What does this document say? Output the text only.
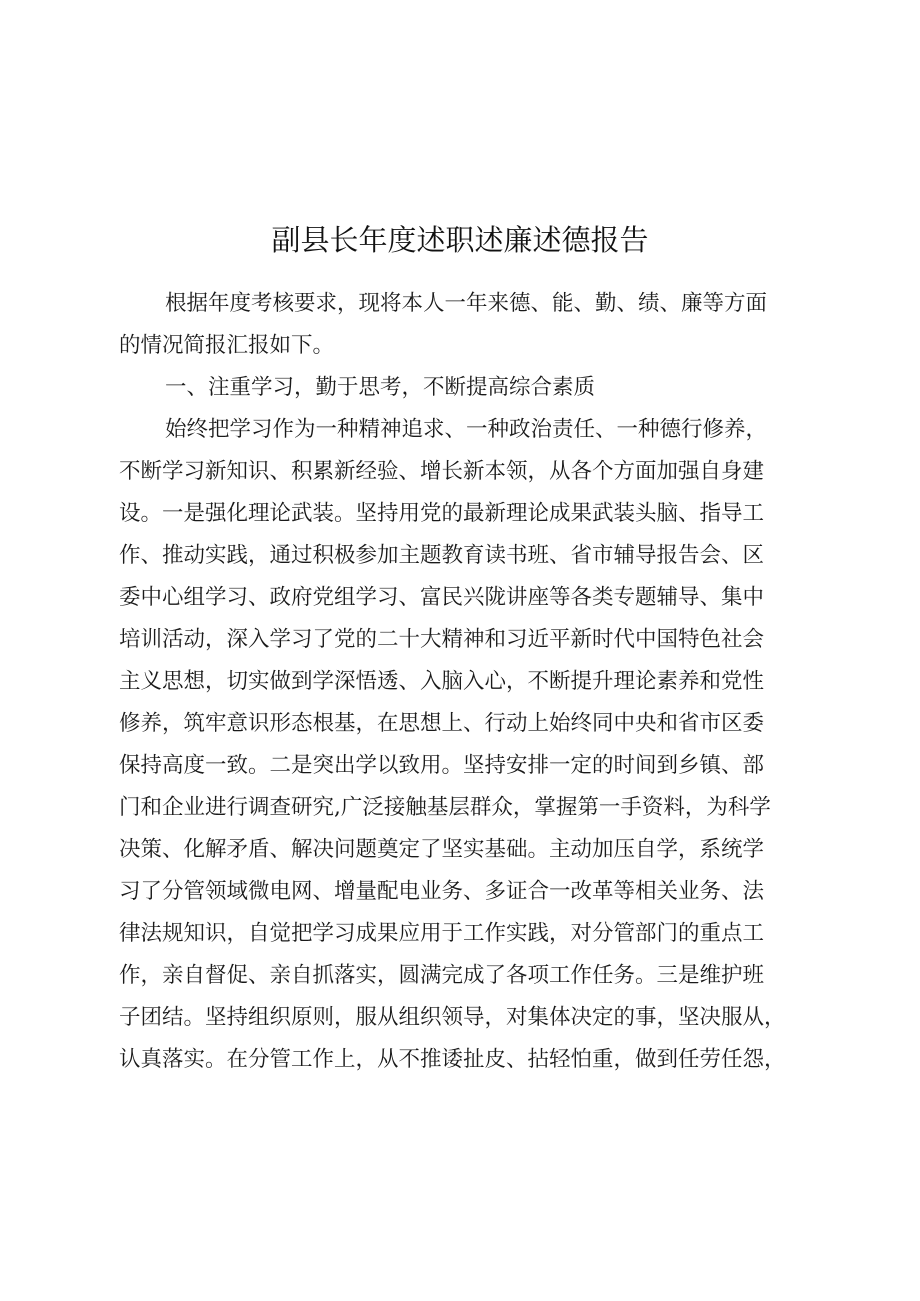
副县长年度述职述廉述德报告
根据年度考核要求，现将本人一年来德、能、勤、绩、廉等方面
的情况简报汇报如下。
一、注重学习，勤于思考，不断提高综合素质
始终把学习作为一种精神追求、一种政治责任、一种德行修养，
不断学习新知识、积累新经验、增长新本领，从各个方面加强自身建
设。一是强化理论武装。坚持用党的最新理论成果武装头脑、指导工
作、推动实践，通过积极参加主题教育读书班、省市辅导报告会、区
委中心组学习、政府党组学习、富民兴陇讲座等各类专题辅导、集中
培训活动，深入学习了党的二十大精神和习近平新时代中国特色社会
主义思想，切实做到学深悟透、入脑入心，不断提升理论素养和党性
修养，筑牢意识形态根基，在思想上、行动上始终同中央和省市区委
保持高度一致。二是突出学以致用。坚持安排一定的时间到乡镇、部
门和企业进行调查研究,广泛接触基层群众，掌握第一手资料，为科学
决策、化解矛盾、解决问题奠定了坚实基础。主动加压自学，系统学
习了分管领域微电网、增量配电业务、多证合一改革等相关业务、法
律法规知识，自觉把学习成果应用于工作实践，对分管部门的重点工
作，亲自督促、亲自抓落实，圆满完成了各项工作任务。三是维护班
子团结。坚持组织原则，服从组织领导，对集体决定的事，坚决服从，
认真落实。在分管工作上，从不推诿扯皮、拈轻怕重，做到任劳任怨，
